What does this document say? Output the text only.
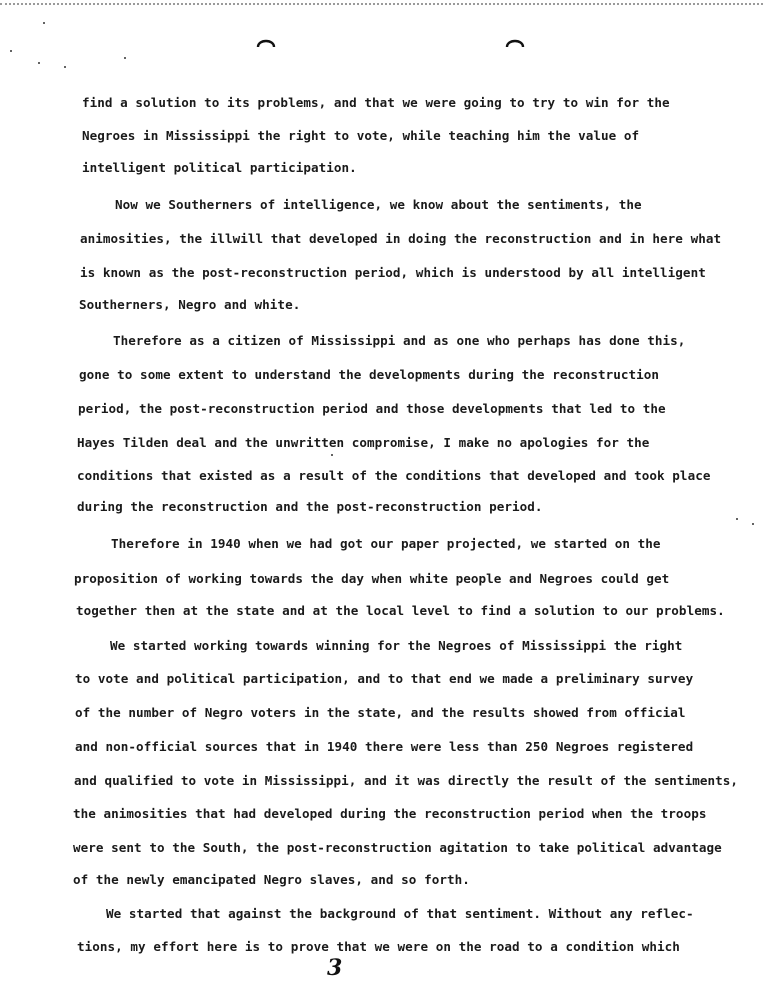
find a solution to its problems, and that we were going to try to win for the
Negroes in Mississippi the right to vote, while teaching him the value of
intelligent political participation.
Now we Southerners of intelligence, we know about the sentiments, the
animosities, the illwill that developed in doing the reconstruction and in here what
is known as the post-reconstruction period, which is understood by all intelligent
Southerners, Negro and white.
Therefore as a citizen of Mississippi and as one who perhaps has done this,
gone to some extent to understand the developments during the reconstruction
period, the post-reconstruction period and those developments that led to the
Hayes Tilden deal and the unwritten compromise, I make no apologies for the
conditions that existed as a result of the conditions that developed and took place
during the reconstruction and the post-reconstruction period.
Therefore in 1940 when we had got our paper projected, we started on the
proposition of working towards the day when white people and Negroes could get
together then at the state and at the local level to find a solution to our problems.
We started working towards winning for the Negroes of Mississippi the right
to vote and political participation, and to that end we made a preliminary survey
of the number of Negro voters in the state, and the results showed from official
and non-official sources that in 1940 there were less than 250 Negroes registered
and qualified to vote in Mississippi, and it was directly the result of the sentiments,
the animosities that had developed during the reconstruction period when the troops
were sent to the South, the post-reconstruction agitation to take political advantage
of the newly emancipated Negro slaves, and so forth.
We started that against the background of that sentiment. Without any reflec-
tions, my effort here is to prove that we were on the road to a condition which
3
